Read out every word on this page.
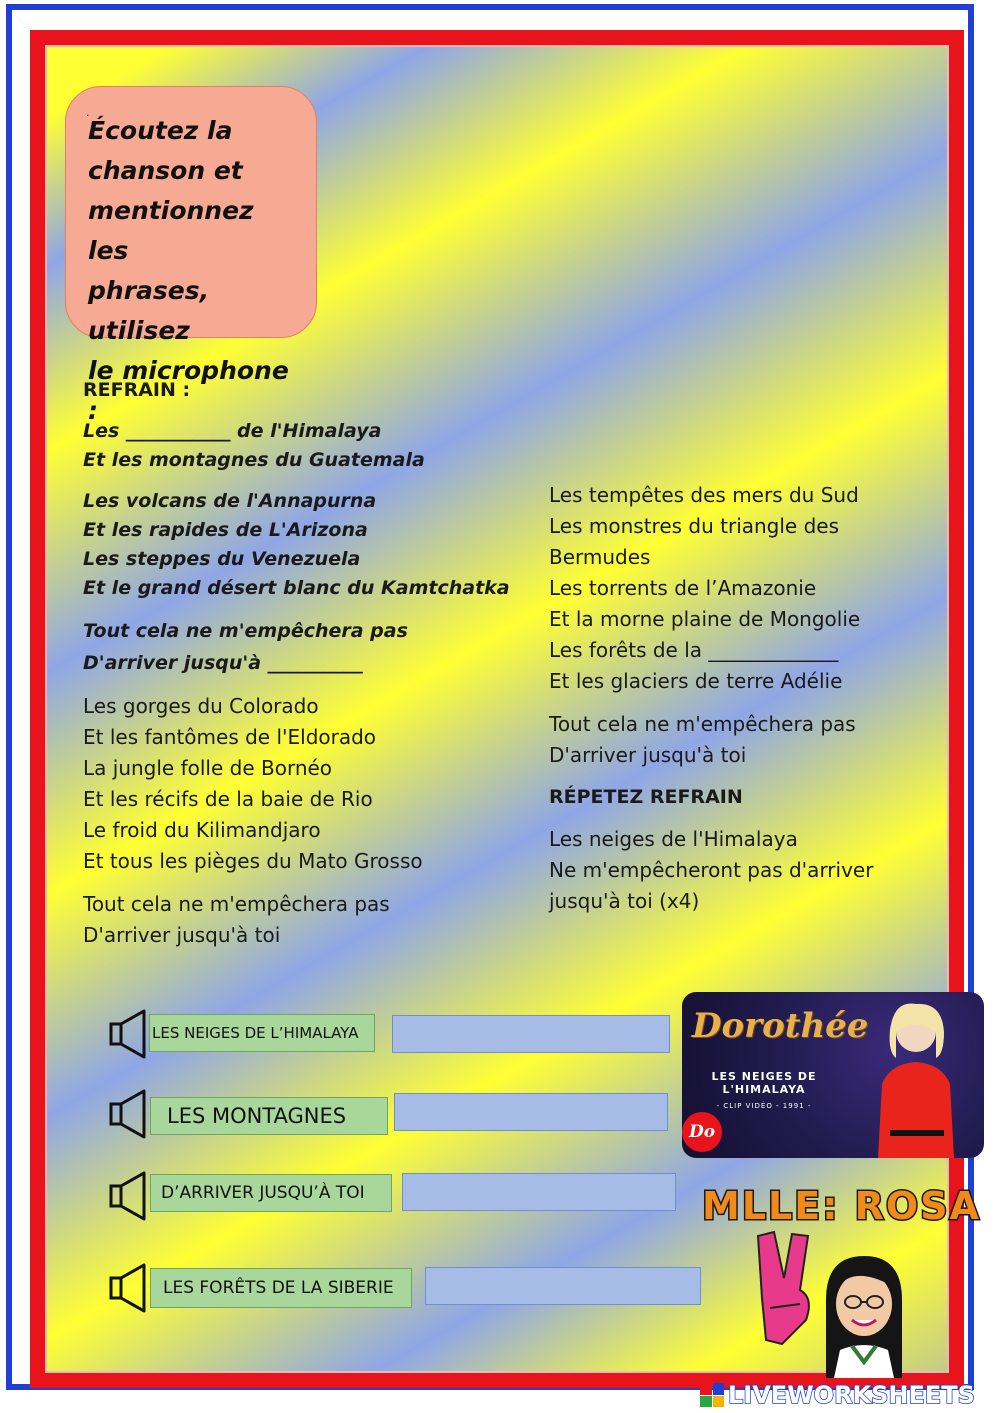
.

Écoutez la

chanson et

mentionnez les

phrases, utilisez

le microphone :

REFRAIN :
Les ___________ de l'Himalaya
Et les montagnes du Guatemala
Les volcans de l'Annapurna
Et les rapides de L'Arizona
Les steppes du Venezuela
Et le grand désert blanc du Kamtchatka
Tout cela ne m'empêchera pas
D'arriver jusqu'à __________
Les gorges du Colorado
Et les fantômes de l'Eldorado
La jungle folle de Bornéo
Et les récifs de la baie de Rio
Le froid du Kilimandjaro
Et tous les pièges du Mato Grosso
Tout cela ne m'empêchera pas
D'arriver jusqu'à toi
Les tempêtes des mers du Sud
Les monstres du triangle des
Bermudes
Les torrents de l’Amazonie
Et la morne plaine de Mongolie
Les forêts de la _____________
Et les glaciers de terre Adélie
Tout cela ne m'empêchera pas
D'arriver jusqu'à toi
RÉPETEZ REFRAIN
Les neiges de l'Himalaya
Ne m'empêcheront pas d'arriver
jusqu'à toi (x4)
LES NEIGES DE L’HIMALAYA
LES MONTAGNES
D’ARRIVER JUSQU’À TOI
LES FORÊTS DE LA SIBERIE
Dorothée
LES NEIGES DE
L'HIMALAYA
- CLIP VIDÉO - 1991 -
Do
MLLE: ROSA
LIVEWORKSHEETS
